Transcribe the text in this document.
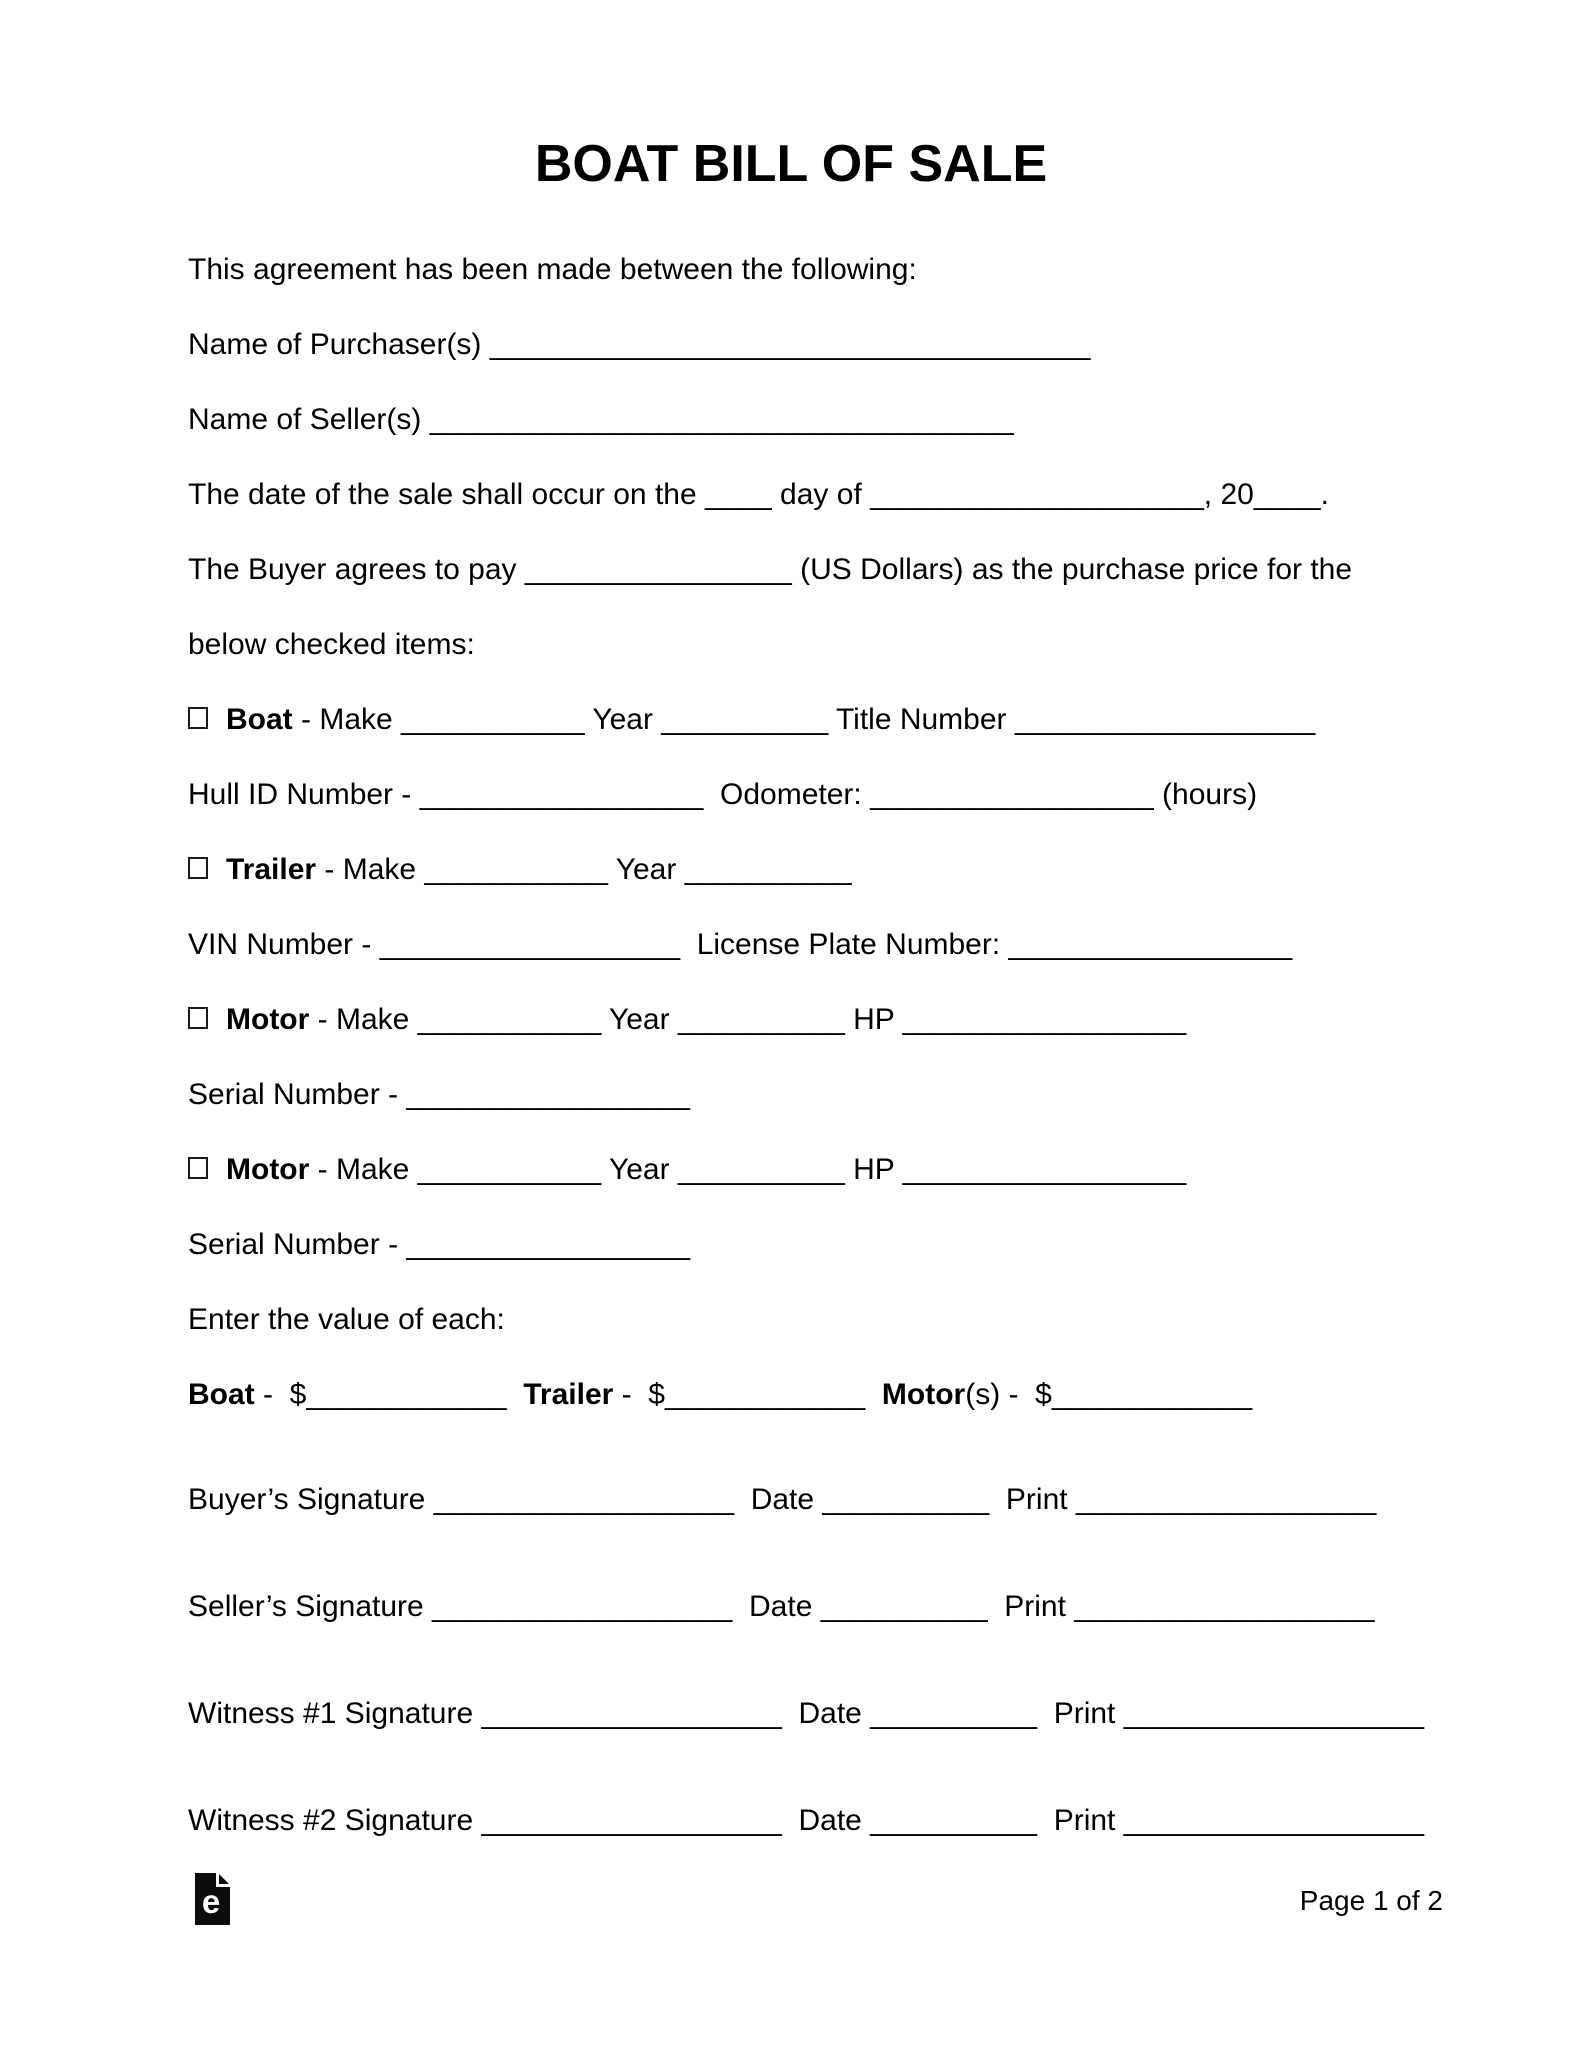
BOAT BILL OF SALE
This agreement has been made between the following:
Name of Purchaser(s) ____________________________________
Name of Seller(s) ___________________________________
The date of the sale shall occur on the ____ day of ____________________, 20____.
The Buyer agrees to pay ________________ (US Dollars) as the purchase price for the
below checked items:
Boat - Make ___________ Year __________ Title Number __________________
Hull ID Number - _________________  Odometer: _________________ (hours)
Trailer - Make ___________ Year __________
VIN Number - __________________  License Plate Number: _________________
Motor - Make ___________ Year __________ HP _________________
Serial Number - _________________
Motor - Make ___________ Year __________ HP _________________
Serial Number - _________________
Enter the value of each:
Boat -  $____________  Trailer -  $____________  Motor(s) -  $____________
Buyer’s Signature __________________  Date __________  Print __________________
Seller’s Signature __________________  Date __________  Print __________________
Witness #1 Signature __________________  Date __________  Print __________________
Witness #2 Signature __________________  Date __________  Print __________________
e	Page 1 of 2
